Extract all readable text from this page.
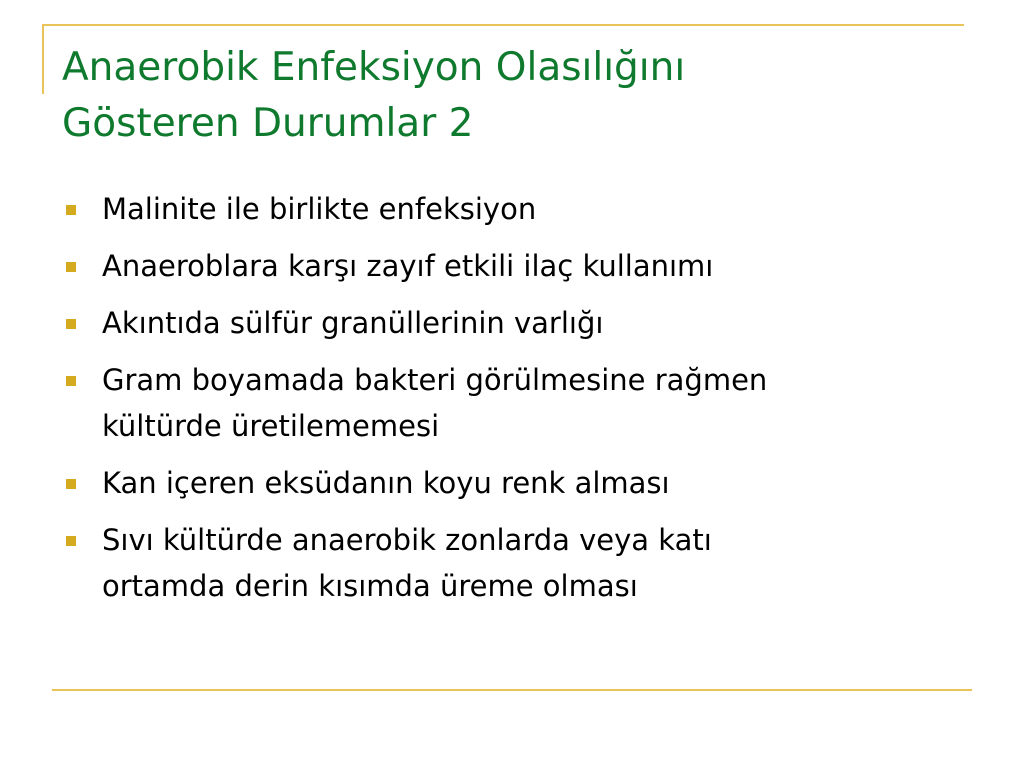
Anaerobik Enfeksiyon Olasılığını
Gösteren Durumlar 2
Malinite ile birlikte enfeksiyon
Anaeroblara karşı zayıf etkili ilaç kullanımı
Akıntıda sülfür granüllerinin varlığı
Gram boyamada bakteri görülmesine rağmen
kültürde üretilememesi
Kan içeren eksüdanın koyu renk alması
Sıvı kültürde anaerobik zonlarda veya katı
ortamda derin kısımda üreme olması
